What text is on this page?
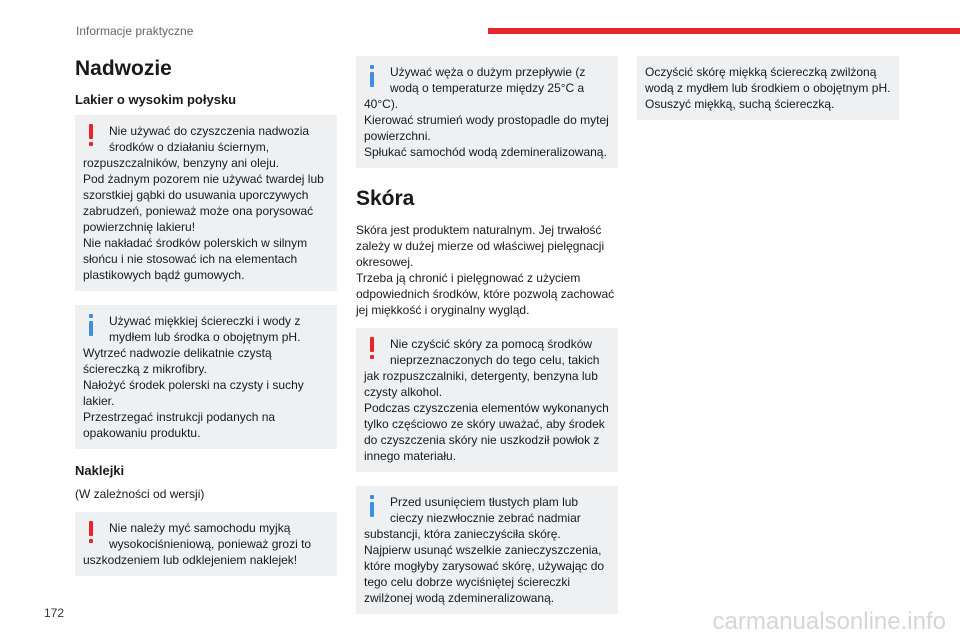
Informacje praktyczne
Nadwozie
Lakier o wysokim połysku
Nie używać do czyszczenia nadwozia
środków o działaniu ściernym,
rozpuszczalników, benzyny ani oleju.
Pod żadnym pozorem nie używać twardej lub szorstkiej gąbki do usuwania uporczywych zabrudzeń, ponieważ może ona porysować powierzchnię lakieru!
Nie nakładać środków polerskich w silnym słońcu i nie stosować ich na elementach plastikowych bądź gumowych.
Używać miękkiej ściereczki i wody z
mydłem lub środka o obojętnym pH.
Wytrzeć nadwozie delikatnie czystą ściereczką z mikrofibry.
Nałożyć środek polerski na czysty i suchy lakier.
Przestrzegać instrukcji podanych na opakowaniu produktu.
Naklejki

(W zależności od wersji)

Nie należy myć samochodu myjką
wysokociśnieniową, ponieważ grozi to
uszkodzeniem lub odklejeniem naklejek!
Używać węża o dużym przepływie (z
wodą o temperaturze między 25°C a
40°C).
Kierować strumień wody prostopadle do mytej powierzchni.
Spłukać samochód wodą zdemineralizowaną.
Skóra

Skóra jest produktem naturalnym. Jej trwałość zależy w dużej mierze od właściwej pielęgnacji okresowej.
Trzeba ją chronić i pielęgnować z użyciem odpowiednich środków, które pozwolą zachować jej miękkość i oryginalny wygląd.

Nie czyścić skóry za pomocą środków
nieprzeznaczonych do tego celu, takich
jak rozpuszczalniki, detergenty, benzyna lub czysty alkohol.
Podczas czyszczenia elementów wykonanych tylko częściowo ze skóry uważać, aby środek do czyszczenia skóry nie uszkodził powłok z innego materiału.
Przed usunięciem tłustych plam lub
cieczy niezwłocznie zebrać nadmiar
substancji, która zanieczyściła skórę.
Najpierw usunąć wszelkie zanieczyszczenia, które mogłyby zarysować skórę, używając do tego celu dobrze wyciśniętej ściereczki zwilżonej wodą zdemineralizowaną.
Oczyścić skórę miękką ściereczką zwilżoną wodą z mydłem lub środkiem o obojętnym pH.
Osuszyć miękką, suchą ściereczką.
172	carmanualsonline.info
